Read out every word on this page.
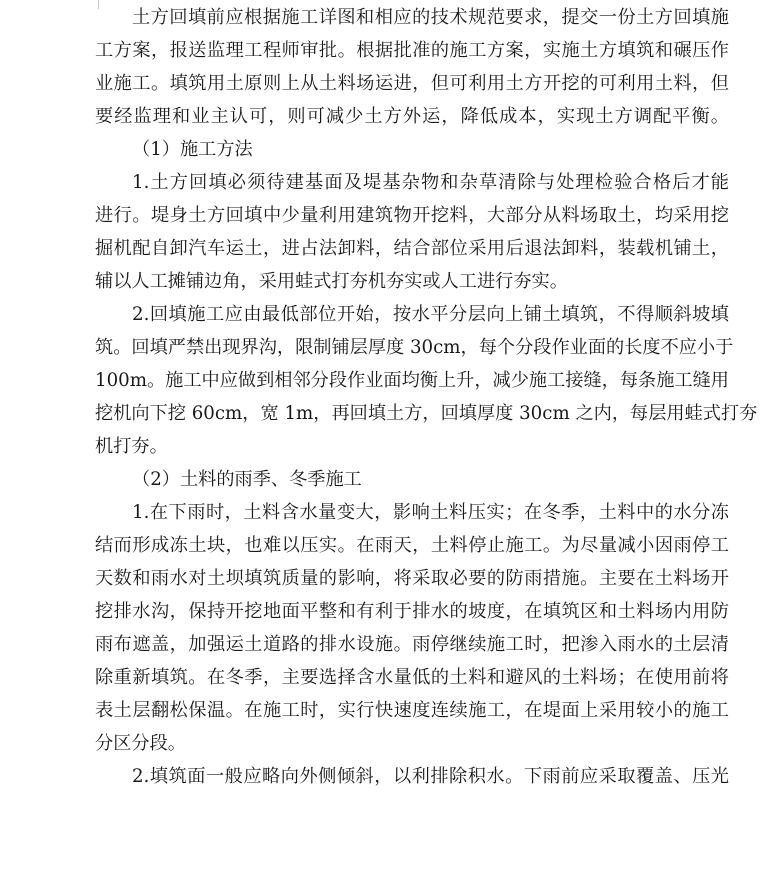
土方回填前应根据施工详图和相应的技术规范要求，提交一份土方回填施
工方案，报送监理工程师审批。根据批准的施工方案，实施土方填筑和碾压作
业施工。填筑用土原则上从土料场运进，但可利用土方开挖的可利用土料，但
要经监理和业主认可，则可减少土方外运，降低成本，实现土方调配平衡。
（1）施工方法
1.土方回填必须待建基面及堤基杂物和杂草清除与处理检验合格后才能
进行。堤身土方回填中少量利用建筑物开挖料，大部分从料场取土，均采用挖
掘机配自卸汽车运土，进占法卸料，结合部位采用后退法卸料，装载机铺土，
辅以人工摊铺边角，采用蛙式打夯机夯实或人工进行夯实。
2.回填施工应由最低部位开始，按水平分层向上铺土填筑，不得顺斜坡填
筑。回填严禁出现界沟，限制铺层厚度 30cm，每个分段作业面的长度不应小于
100m。施工中应做到相邻分段作业面均衡上升，减少施工接缝，每条施工缝用
挖机向下挖 60cm，宽 1m，再回填土方，回填厚度 30cm 之内，每层用蛙式打夯
机打夯。
（2）土料的雨季、冬季施工
1.在下雨时，土料含水量变大，影响土料压实；在冬季，土料中的水分冻
结而形成冻土块，也难以压实。在雨天，土料停止施工。为尽量减小因雨停工
天数和雨水对土坝填筑质量的影响，将采取必要的防雨措施。主要在土料场开
挖排水沟，保持开挖地面平整和有利于排水的坡度，在填筑区和土料场内用防
雨布遮盖，加强运土道路的排水设施。雨停继续施工时，把渗入雨水的土层清
除重新填筑。在冬季，主要选择含水量低的土料和避风的土料场；在使用前将
表土层翻松保温。在施工时，实行快速度连续施工，在堤面上采用较小的施工
分区分段。
2.填筑面一般应略向外侧倾斜，以利排除积水。下雨前应采取覆盖、压光
